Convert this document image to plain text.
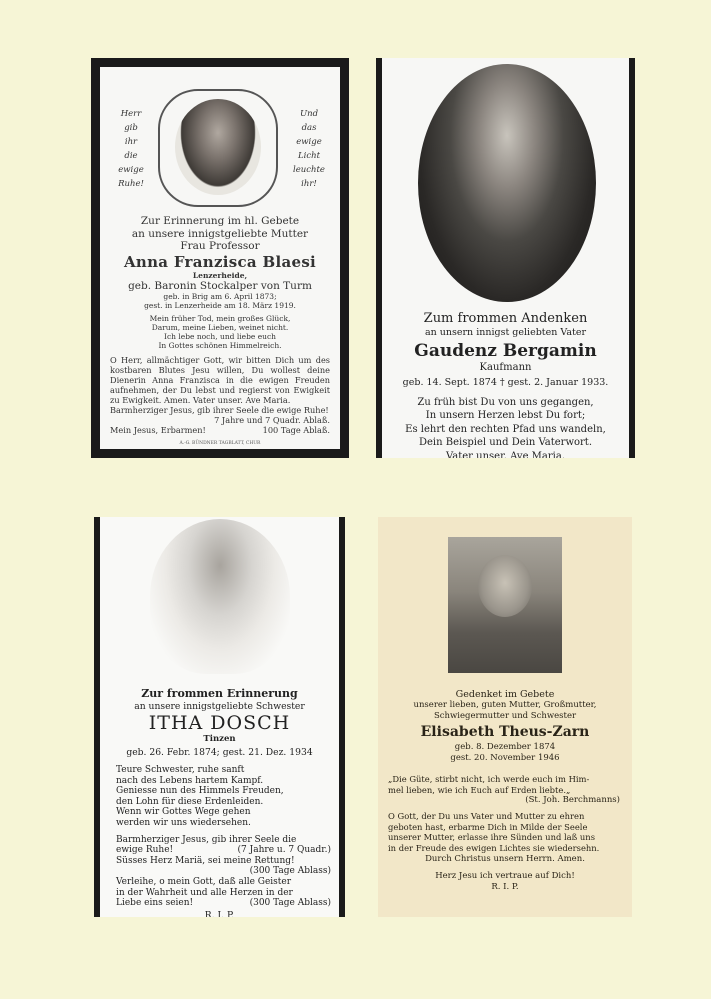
Herr
gib
ihr
die
ewige
Ruhe!
Und
das
ewige
Licht
leuchte
ihr!
Zur Erinnerung im hl. Gebete
an unsere innigstgeliebte Mutter
Frau Professor
Anna Franzisca Blaesi
Lenzerheide,
geb. Baronin Stockalper von Turm
geb. in Brig am 6. April 1873;
gest. in Lenzerheide am 18. März 1919.
Mein früher Tod, mein großes Glück,
Darum, meine Lieben, weinet nicht.
Ich lebe noch, und liebe euch
In Gottes schönen Himmelreich.
O Herr, allmächtiger Gott, wir bitten Dich um des kostbaren Blutes Jesu willen, Du wollest deine Dienerin Anna Franzisca in die ewigen Freuden aufnehmen, der Du lebst und regierst von Ewigkeit zu Ewigkeit. Amen. Vater unser. Ave Maria.
Barmherziger Jesus, gib ihrer Seele die ewige Ruhe!
7 Jahre und 7 Quadr. Ablaß.
Mein Jesus, Erbarmen!	100 Tage Ablaß.
A.-G. BÜNDNER TAGBLATT, CHUR
Zum frommen Andenken
an unsern innigst geliebten Vater
Gaudenz Bergamin
Kaufmann
geb. 14. Sept. 1874 † gest. 2. Januar 1933.
Zu früh bist Du von uns gegangen,
In unsern Herzen lebst Du fort;
Es lehrt den rechten Pfad uns wandeln,
Dein Beispiel und Dein Vaterwort.
Vater unser. Ave Maria.
Zur frommen Erinnerung
an unsere innigstgeliebte Schwester
ITHA DOSCH
Tinzen
geb. 26. Febr. 1874; gest. 21. Dez. 1934
Teure Schwester, ruhe sanft
nach des Lebens hartem Kampf.
Geniesse nun des Himmels Freuden,
den Lohn für diese Erdenleiden.
Wenn wir Gottes Wege gehen
werden wir uns wiedersehen.
Barmherziger Jesus, gib ihrer Seele die
ewige Ruhe!	(7 Jahre u. 7 Quadr.)
Süsses Herz Mariä, sei meine Rettung!
(300 Tage Ablass)
Verleihe, o mein Gott, daß alle Geister
in der Wahrheit und alle Herzen in der
Liebe eins seien!	(300 Tage Ablass)
R. I. P.
Gedenket im Gebete
unserer lieben, guten Mutter, Großmutter,
Schwiegermutter und Schwester
Elisabeth Theus-Zarn
geb. 8. Dezember 1874
gest. 20. November 1946
„Die Güte, stirbt nicht, ich werde euch im Him-
mel lieben, wie ich Euch auf Erden liebte.„
(St. Joh. Berchmanns)
O Gott, der Du uns Vater und Mutter zu ehren
geboten hast, erbarme Dich in Milde der Seele
unserer Mutter, erlasse ihre Sünden und laß uns
in der Freude des ewigen Lichtes sie wiedersehn.
Durch Christus unsern Herrn. Amen.
Herz Jesu ich vertraue auf Dich!
R. I. P.
